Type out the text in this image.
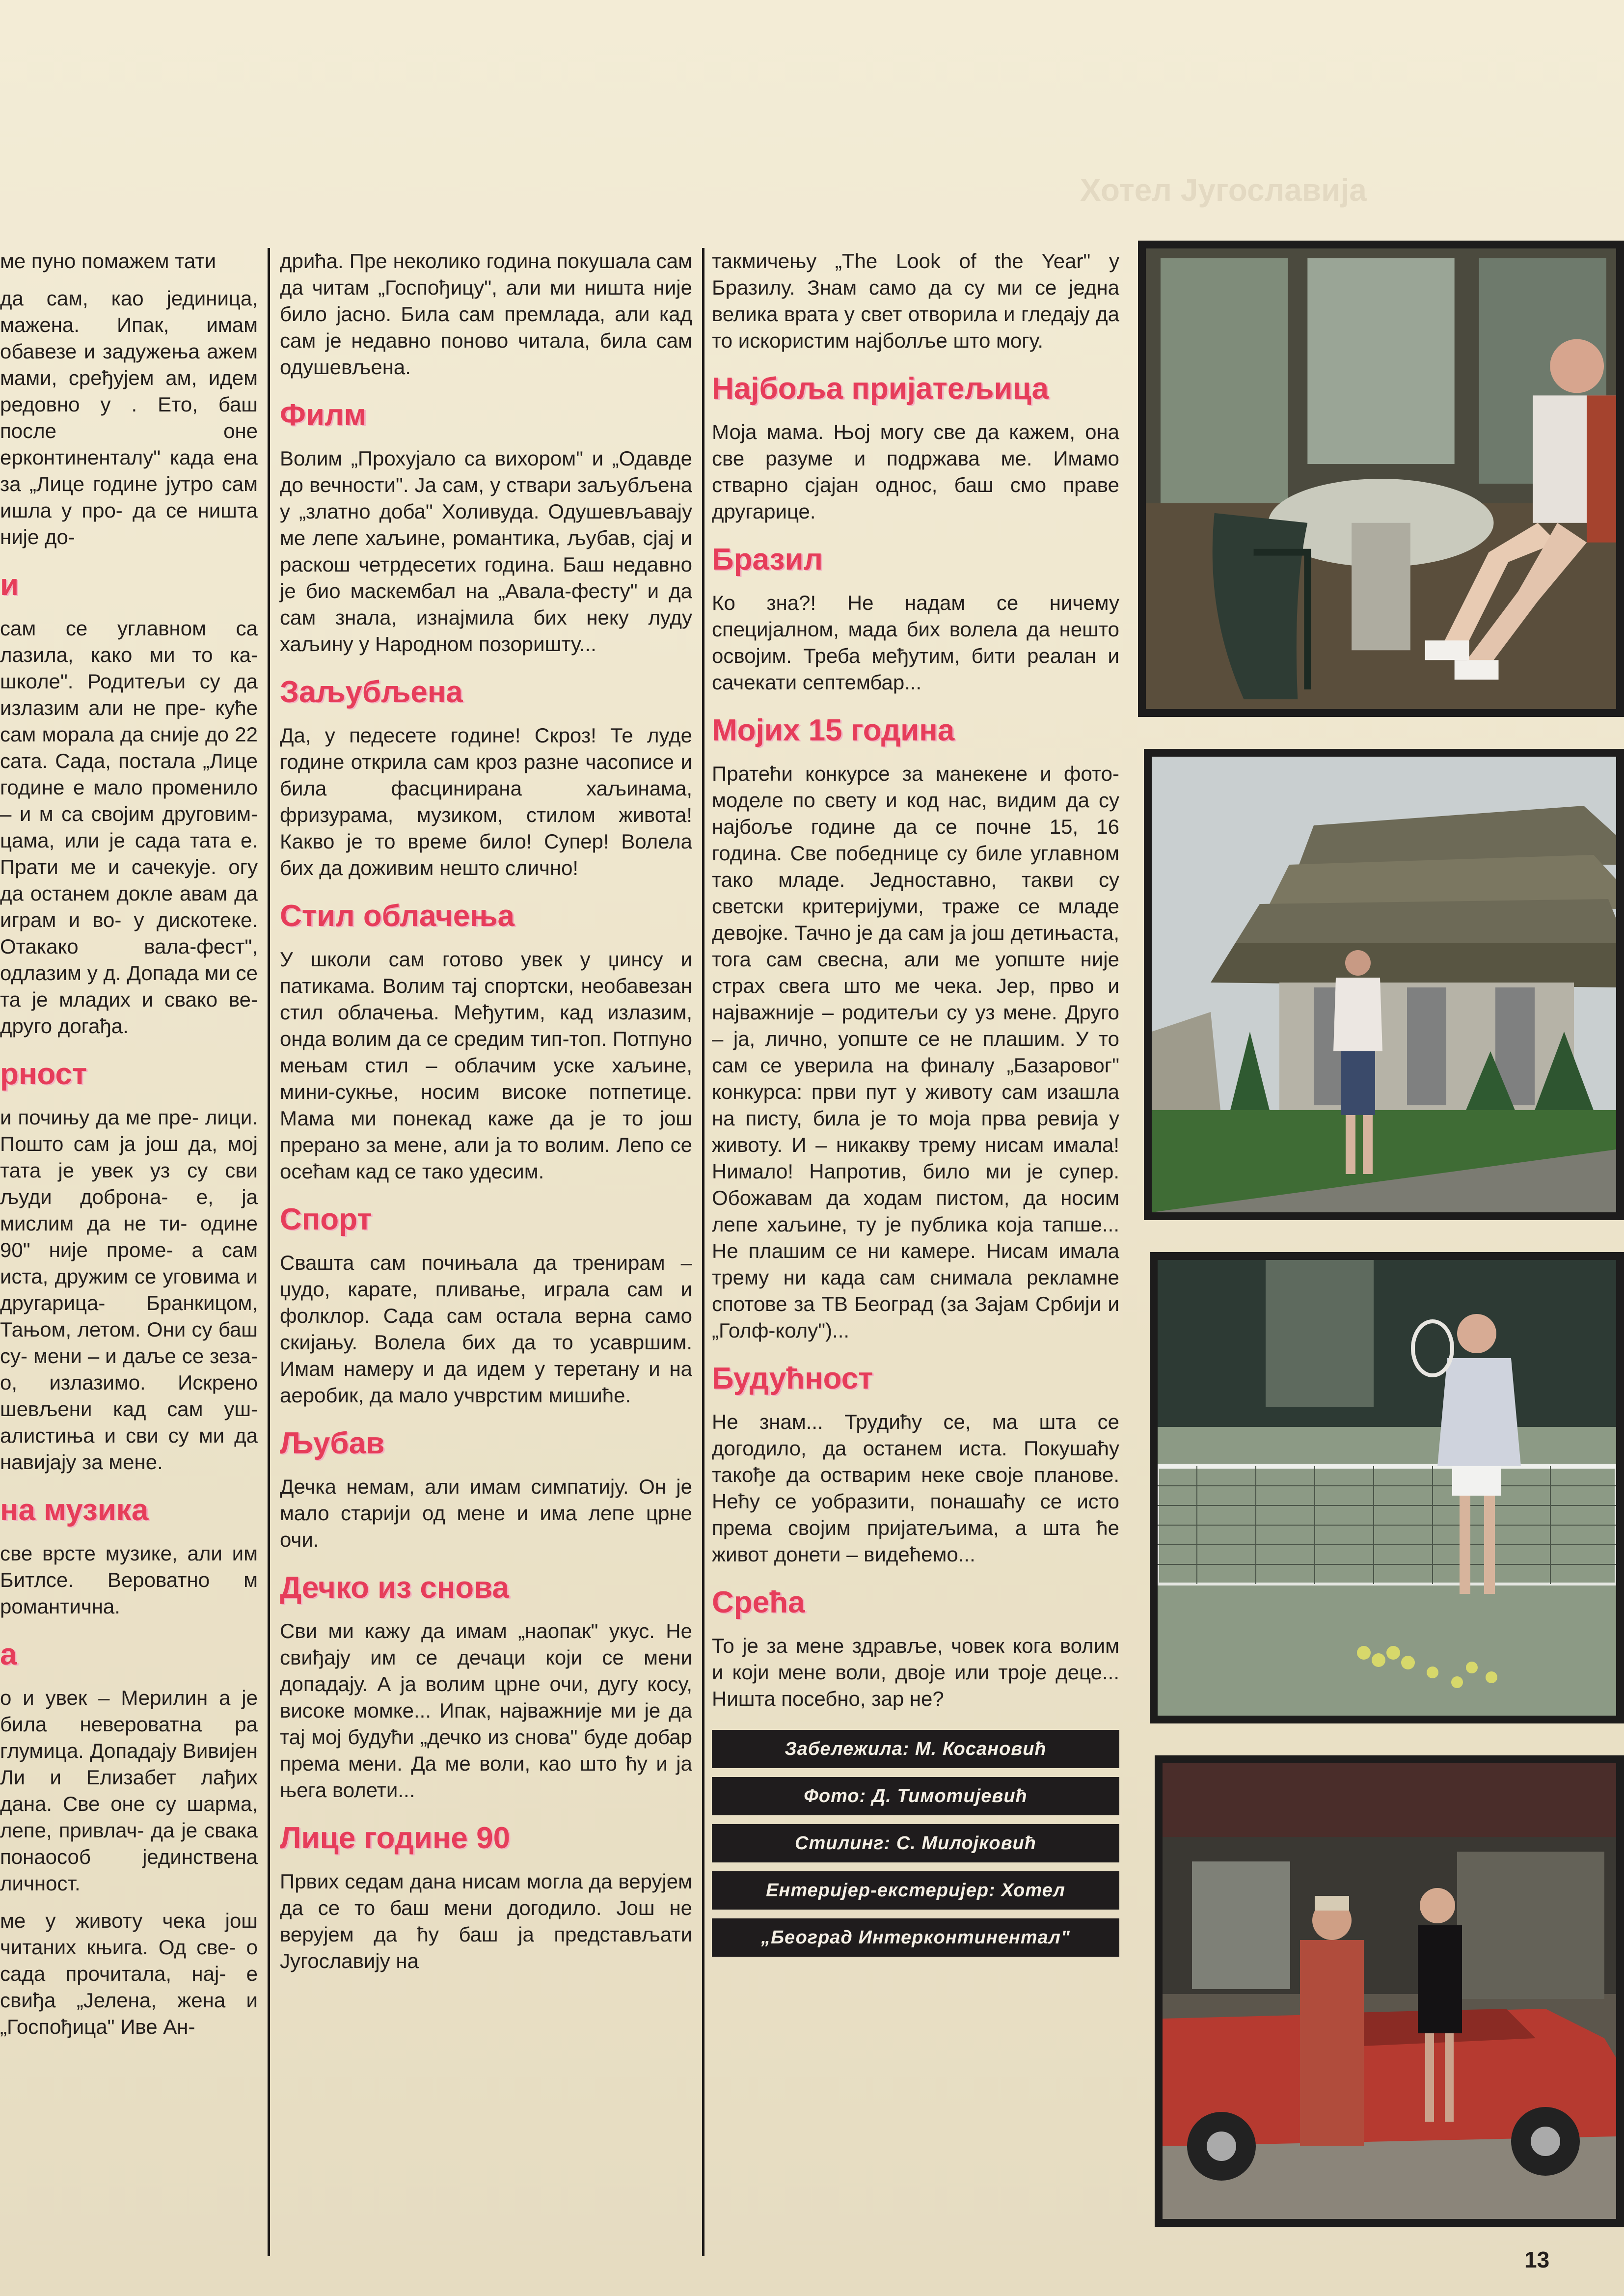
Хотел Југославија

ме пуно помажем тати

да сам, као јединица, мажена. Ипак, имам обавезе и задужења ажем мами, сређујем ам, идем редовно у . Ето, баш после оне ерконтиненталу" када ена за „Лице године јутро сам ишла у про- да се ништа није до-

и

сам се углавном са лазила, како ми то ка- школе". Родитељи су да излазим али не пре- куће сам морала да сније до 22 сата. Сада, постала „Лице године е мало променило – и м са својим друговим- цама, или је сада тата е. Прати ме и сачекује. огу да останем докле авам да играм и во- у дискотеке. Отакако вала-фест", одлазим у д. Допада ми се та је младих и свако ве- друго догађа.

рност

и почињу да ме пре- лици. Пошто сам ја још да, мој тата је увек уз су сви људи доброна- е, ја мислим да не ти- одине 90" није проме- а сам иста, дружим се уговима и другарица- Бранкицом, Тањом, летом. Они су баш су- мени – и даље се зеза- о, излазимо. Искрено шевљени кад сам уш- алистиња и сви су ми да навијају за мене.

на музика

све врсте музике, али им Битлсе. Вероватно м романтична.

а

о и увек – Мерилин а је била невероватна ра глумица. Допадају Вивијен Ли и Елизабет лађих дана. Све оне су шарма, лепе, привлач- да је свака понаособ јединствена личност.

ме у животу чека још читаних књига. Од све- о сада прочитала, нај- е свиђа „Јелена, жена и „Госпођица" Иве Ан-

дрића. Пре неколико година покушала сам да читам „Госпођицу", али ми ништа није било јасно. Била сам премлада, али кад сам је недавно поново читала, била сам одушевљена.

Филм

Волим „Прохујало са вихором" и „Одавде до вечности". Ја сам, у ствари заљубљена у „златно доба" Холивуда. Одушевљавају ме лепе хаљине, романтика, љубав, сјај и раскош четрдесетих година. Баш недавно је био маскембал на „Авала-фесту" и да сам знала, изнајмила бих неку луду хаљину у Народном позоришту...

Заљубљена

Да, у педесете године! Скроз! Те луде године открила сам кроз разне часописе и била фасцинирана хаљинама, фризурама, музиком, стилом живота! Какво је то време било! Супер! Волела бих да доживим нешто слично!

Стил облачења

У школи сам готово увек у џинсу и патикама. Волим тај спортски, необавезан стил облачења. Међутим, кад излазим, онда волим да се средим тип-топ. Потпуно мењам стил – облачим уске хаљине, мини-сукње, носим високе потпетице. Мама ми понекад каже да је то још прерано за мене, али ја то волим. Лепо се осећам кад се тако удесим.

Спорт

Свашта сам почињала да тренирам – џудо, карате, пливање, играла сам и фолклор. Сада сам остала верна само скијању. Волела бих да то усавршим. Имам намеру и да идем у теретану и на аеробик, да мало учврстим мишиће.

Љубав

Дечка немам, али имам симпатију. Он је мало старији од мене и има лепе црне очи.

Дечко из снова

Сви ми кажу да имам „наопак" укус. Не свиђају им се дечаци који се мени допадају. А ја волим црне очи, дугу косу, високе момке... Ипак, најважније ми је да тај мој будући „дечко из снова" буде добар према мени. Да ме воли, као што ћу и ја њега волети...

Лице године 90

Првих седам дана нисам могла да верујем да се то баш мени догодило. Још не верујем да ћу баш ја представљати Југославију на

такмичењу „The Look of the Year" у Бразилу. Знам само да су ми се једна велика врата у свет отворила и гледају да то искористим најболље што могу.

Најбоља пријатељица

Моја мама. Њој могу све да кажем, она све разуме и подржава ме. Имамо стварно сјајан однос, баш смо праве другарице.

Бразил

Ко зна?! Не надам се ничему специјалном, мада бих волела да нешто освојим. Треба међутим, бити реалан и сачекати септембар...

Мојих 15 година

Пратећи конкурсе за манекене и фото-моделе по свету и код нас, видим да су најбоље године да се почне 15, 16 година. Све победнице су биле углавном тако младе. Једноставно, такви су светски критеријуми, траже се младе девојке. Тачно је да сам ја још детињаста, тога сам свесна, али ме уопште није страх свега што ме чека. Јер, прво и најважније – родитељи су уз мене. Друго – ја, лично, уопште се не плашим. У то сам се уверила на финалу „Базаровог" конкурса: први пут у животу сам изашла на писту, била је то моја прва ревија у животу. И – никакву трему нисам имала! Нимало! Напротив, било ми је супер. Обожавам да ходам пистом, да носим лепе хаљине, ту је публика која тапше... Не плашим се ни камере. Нисам имала трему ни када сам снимала рекламне спотове за ТВ Београд (за Зајам Србији и „Голф-колу")...

Будућност

Не знам... Трудићу се, ма шта се догодило, да останем иста. Покушаћу такође да остварим неке своје планове. Нећу се уобразити, понашаћу се исто према својим пријатељима, а шта ће живот донети – видећемо...

Срећа

То је за мене здравље, човек кога волим и који мене воли, двоје или троје деце... Ништа посебно, зар не?

Забележила: М. Косановић
Фото: Д. Тимотијевић
Стилинг: С. Милојковић
Ентеријер-екстеријер: Хотел
„Београд Интерконтинентал"
13
